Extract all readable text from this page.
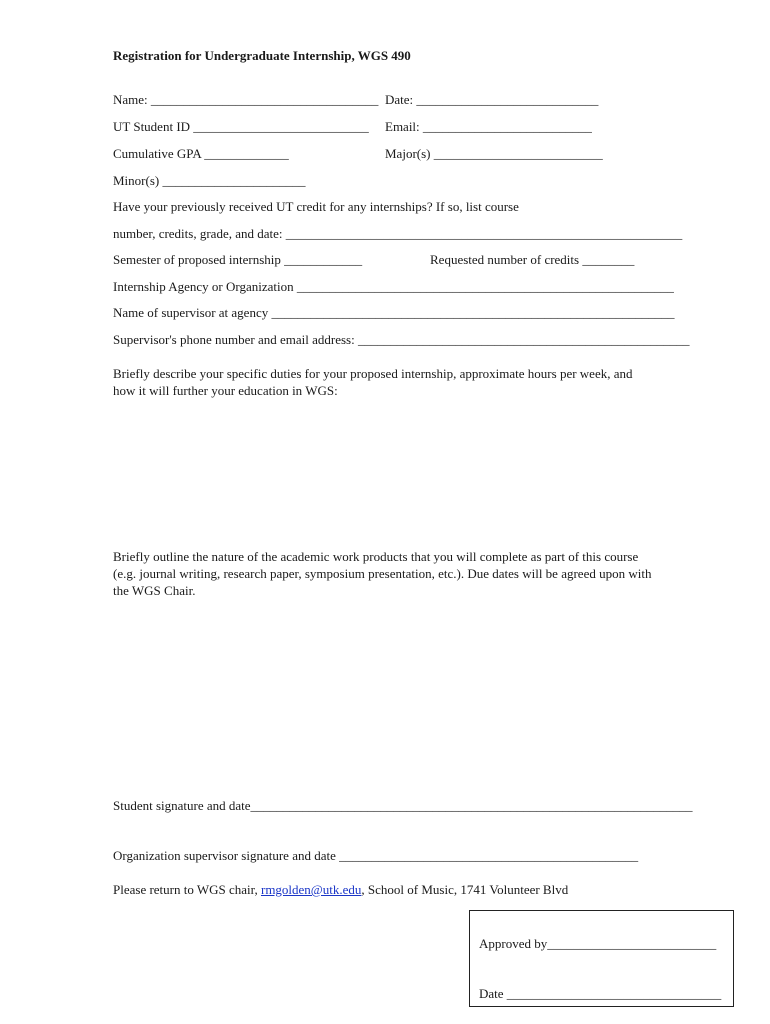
Registration for Undergraduate Internship, WGS 490
Name: ___________________________________ Date: ____________________________
UT Student ID ___________________________ Email: __________________________
Cumulative GPA _____________	Major(s) __________________________
Minor(s) ______________________
Have your previously received UT credit for any internships? If so, list course
number, credits, grade, and date: _____________________________________________________________
Semester of proposed internship ____________	Requested number of credits ________
Internship Agency or Organization __________________________________________________________
Name of supervisor at agency ______________________________________________________________
Supervisor's phone number and email address: ___________________________________________________
Briefly describe your specific duties for your proposed internship, approximate hours per week, and how it will further your education in WGS:
Briefly outline the nature of the academic work products that you will complete as part of this course (e.g. journal writing, research paper, symposium presentation, etc.). Due dates will be agreed upon with the WGS Chair.
Student signature and date____________________________________________________________________
Organization supervisor signature and date ______________________________________________
Please return to WGS chair, rmgolden@utk.edu, School of Music, 1741 Volunteer Blvd
Approved by__________________________
Date _________________________________
